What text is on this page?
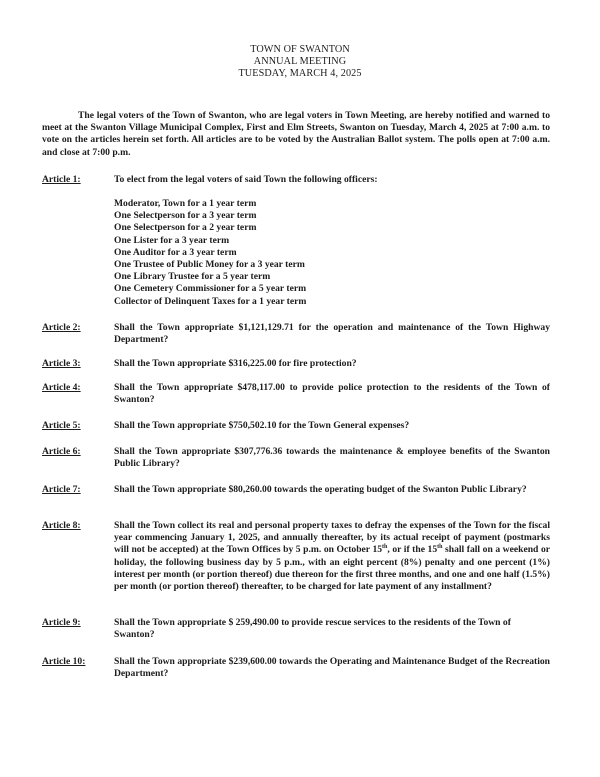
TOWN OF SWANTON
ANNUAL MEETING
TUESDAY, MARCH 4, 2025
The legal voters of the Town of Swanton, who are legal voters in Town Meeting, are hereby notified and warned to meet at the Swanton Village Municipal Complex, First and Elm Streets, Swanton on Tuesday, March 4, 2025 at 7:00 a.m. to vote on the articles herein set forth. All articles are to be voted by the Australian Ballot system. The polls open at 7:00 a.m. and close at 7:00 p.m.
Article 1:	To elect from the legal voters of said Town the following officers:
Moderator, Town for a 1 year term
One Selectperson for a 3 year term
One Selectperson for a 2 year term
One Lister for a 3 year term
One Auditor for a 3 year term
One Trustee of Public Money for a 3 year term
One Library Trustee for a 5 year term
One Cemetery Commissioner for a 5 year term
Collector of Delinquent Taxes for a 1 year term
Article 2:	Shall the Town appropriate $1,121,129.71 for the operation and maintenance of the Town Highway Department?
Article 3:	Shall the Town appropriate $316,225.00 for fire protection?
Article 4:	Shall the Town appropriate $478,117.00 to provide police protection to the residents of the Town of Swanton?
Article 5:	Shall the Town appropriate $750,502.10 for the Town General expenses?
Article 6:	Shall the Town appropriate $307,776.36 towards the maintenance & employee benefits of the Swanton Public Library?
Article 7:	Shall the Town appropriate $80,260.00 towards the operating budget of the Swanton Public Library?
Article 8:	Shall the Town collect its real and personal property taxes to defray the expenses of the Town for the fiscal year commencing January 1, 2025, and annually thereafter, by its actual receipt of payment (postmarks will not be accepted) at the Town Offices by 5 p.m. on October 15th, or if the 15th shall fall on a weekend or holiday, the following business day by 5 p.m., with an eight percent (8%) penalty and one percent (1%) interest per month (or portion thereof) due thereon for the first three months, and one and one half (1.5%) per month (or portion thereof) thereafter, to be charged for late payment of any installment?
Article 9:	Shall the Town appropriate $ 259,490.00 to provide rescue services to the residents of the Town of Swanton?
Article 10:	Shall the Town appropriate $239,600.00 towards the Operating and Maintenance Budget of the Recreation Department?
